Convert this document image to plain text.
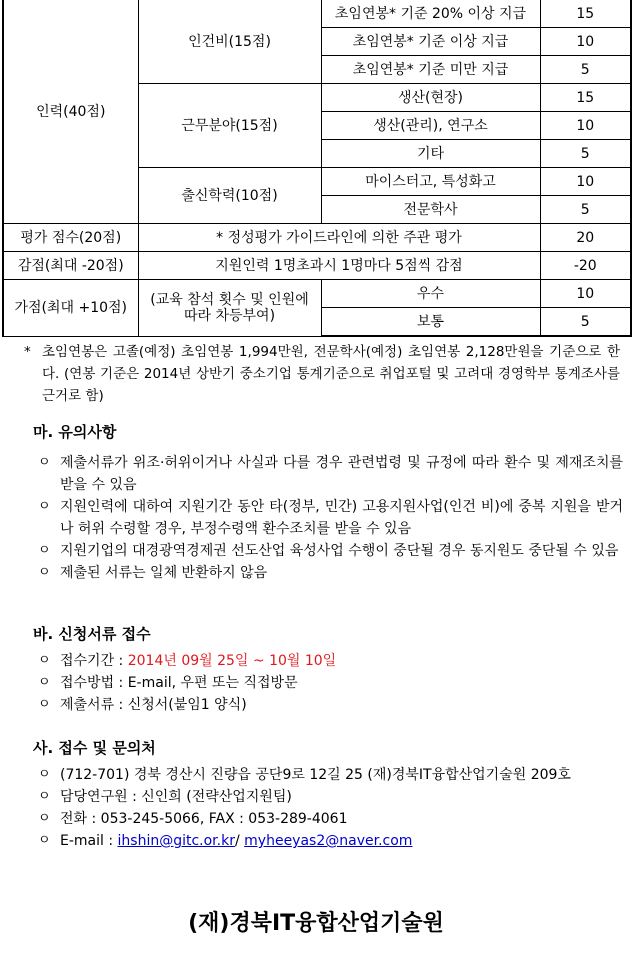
인력(40점)	인건비(15점)	초임연봉* 기준 20% 이상 지급	15
		초임연봉* 기준 이상 지급	10
		초임연봉* 기준 미만 지급	5
	근무분야(15점)	생산(현장)	15
		생산(관리), 연구소	10
		기타	5
	출신학력(10점)	마이스터고, 특성화고	10
		전문학사	5
평가 점수(20점)	* 정성평가 가이드라인에 의한 주관 평가		20
감점(최대 -20점)	지원인력 1명초과시 1명마다 5점씩 감점		-20
가점(최대 +10점)	(교육 참석 횟수 및 인원에 따라 차등부여)	우수	10
		보통	5
* 초임연봉은 고졸(예정) 초임연봉 1,994만원, 전문학사(예정) 초임연봉 2,128만원을 기준으로 한다. (연봉 기준은 2014년 상반기 중소기업 통계기준으로 취업포털 및 고려대 경영학부 통계조사를 근거로 함)
마. 유의사항
ㅇ 제출서류가 위조·허위이거나 사실과 다를 경우 관련법령 및 규정에 따라 환수 및 제재조치를 받을 수 있음
ㅇ 지원인력에 대하여 지원기간 동안 타(정부, 민간) 고용지원사업(인건 비)에 중복 지원을 받거나 허위 수령할 경우, 부정수령액 환수조치를 받을 수 있음
ㅇ 지원기업의 대경광역경제권 선도산업 육성사업 수행이 중단될 경우 동지원도 중단될 수 있음
ㅇ 제출된 서류는 일체 반환하지 않음
바. 신청서류 접수
ㅇ 접수기간 : 2014년 09월 25일 ~ 10월 10일
ㅇ 접수방법 : E-mail, 우편 또는 직접방문
ㅇ 제출서류 : 신청서(붙임1 양식)
사. 접수 및 문의처
ㅇ (712-701) 경북 경산시 진량읍 공단9로 12길 25 (재)경북IT융합산업기술원 209호
ㅇ 담당연구원 : 신인희 (전략산업지원팀)
ㅇ 전화 : 053-245-5066, FAX : 053-289-4061
ㅇ E-mail : ihshin@gitc.or.kr/ myheeyas2@naver.com
(재)경북IT융합산업기술원
